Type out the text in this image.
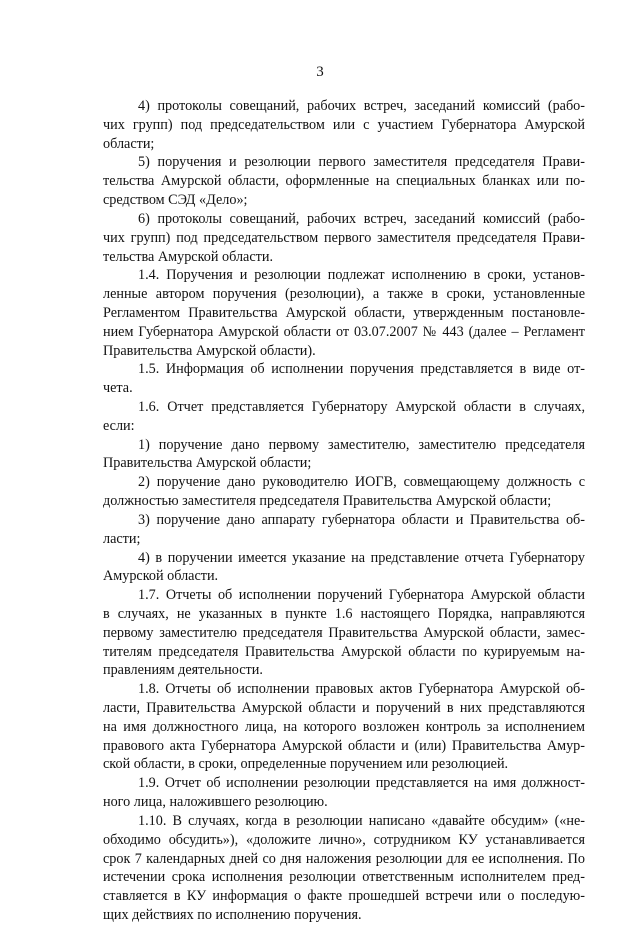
3
4) протоколы совещаний, рабочих встреч, заседаний комиссий (рабо-
чих групп) под председательством или с участием Губернатора Амурской
области;
5) поручения и резолюции первого заместителя председателя Прави-
тельства Амурской области, оформленные на специальных бланках или по-
средством СЭД «Дело»;
6) протоколы совещаний, рабочих встреч, заседаний комиссий (рабо-
чих групп) под председательством первого заместителя председателя Прави-
тельства Амурской области.
1.4. Поручения и резолюции подлежат исполнению в сроки, установ-
ленные автором поручения (резолюции), а также в сроки, установленные
Регламентом Правительства Амурской области, утвержденным постановле-
нием Губернатора Амурской области от 03.07.2007 № 443 (далее – Регламент
Правительства Амурской области).
1.5. Информация об исполнении поручения представляется в виде от-
чета.
1.6. Отчет представляется Губернатору Амурской области в случаях,
если:
1) поручение дано первому заместителю, заместителю председателя
Правительства Амурской области;
2) поручение дано руководителю ИОГВ, совмещающему должность с
должностью заместителя председателя Правительства Амурской области;
3) поручение дано аппарату губернатора области и Правительства об-
ласти;
4) в поручении имеется указание на представление отчета Губернатору
Амурской области.
1.7. Отчеты об исполнении поручений Губернатора Амурской области
в случаях, не указанных в пункте 1.6 настоящего Порядка, направляются
первому заместителю председателя Правительства Амурской области, замес-
тителям председателя Правительства Амурской области по курируемым на-
правлениям деятельности.
1.8. Отчеты об исполнении правовых актов Губернатора Амурской об-
ласти, Правительства Амурской области и поручений в них представляются
на имя должностного лица, на которого возложен контроль за исполнением
правового акта Губернатора Амурской области и (или) Правительства Амур-
ской области, в сроки, определенные поручением или резолюцией.
1.9. Отчет об исполнении резолюции представляется на имя должност-
ного лица, наложившего резолюцию.
1.10. В случаях, когда в резолюции написано «давайте обсудим» («не-
обходимо обсудить»), «доложите лично», сотрудником КУ устанавливается
срок 7 календарных дней со дня наложения резолюции для ее исполнения. По
истечении срока исполнения резолюции ответственным исполнителем пред-
ставляется в КУ информация о факте прошедшей встречи или о последую-
щих действиях по исполнению поручения.
